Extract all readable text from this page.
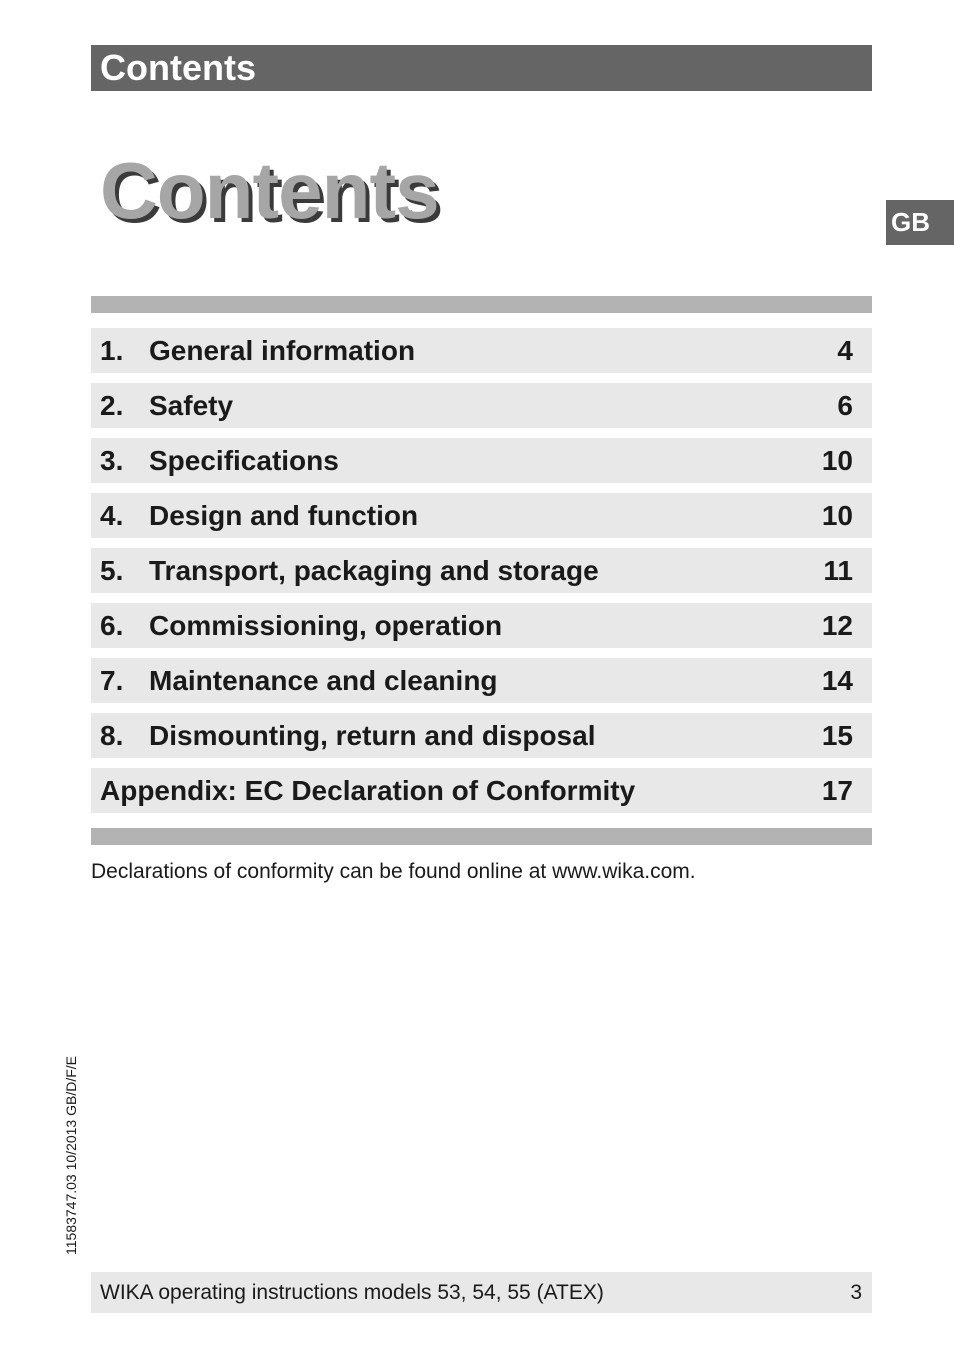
Contents
Contents	GB
1. General information	4
2. Safety	6
3. Specifications	10
4. Design and function	10
5. Transport, packaging and storage	11
6. Commissioning, operation	12
7. Maintenance and cleaning	14
8. Dismounting, return and disposal	15
Appendix: EC Declaration of Conformity	17
Declarations of conformity can be found online at www.wika.com.
11583747.03 10/2013 GB/D/F/E
WIKA operating instructions models 53, 54, 55 (ATEX)	3
